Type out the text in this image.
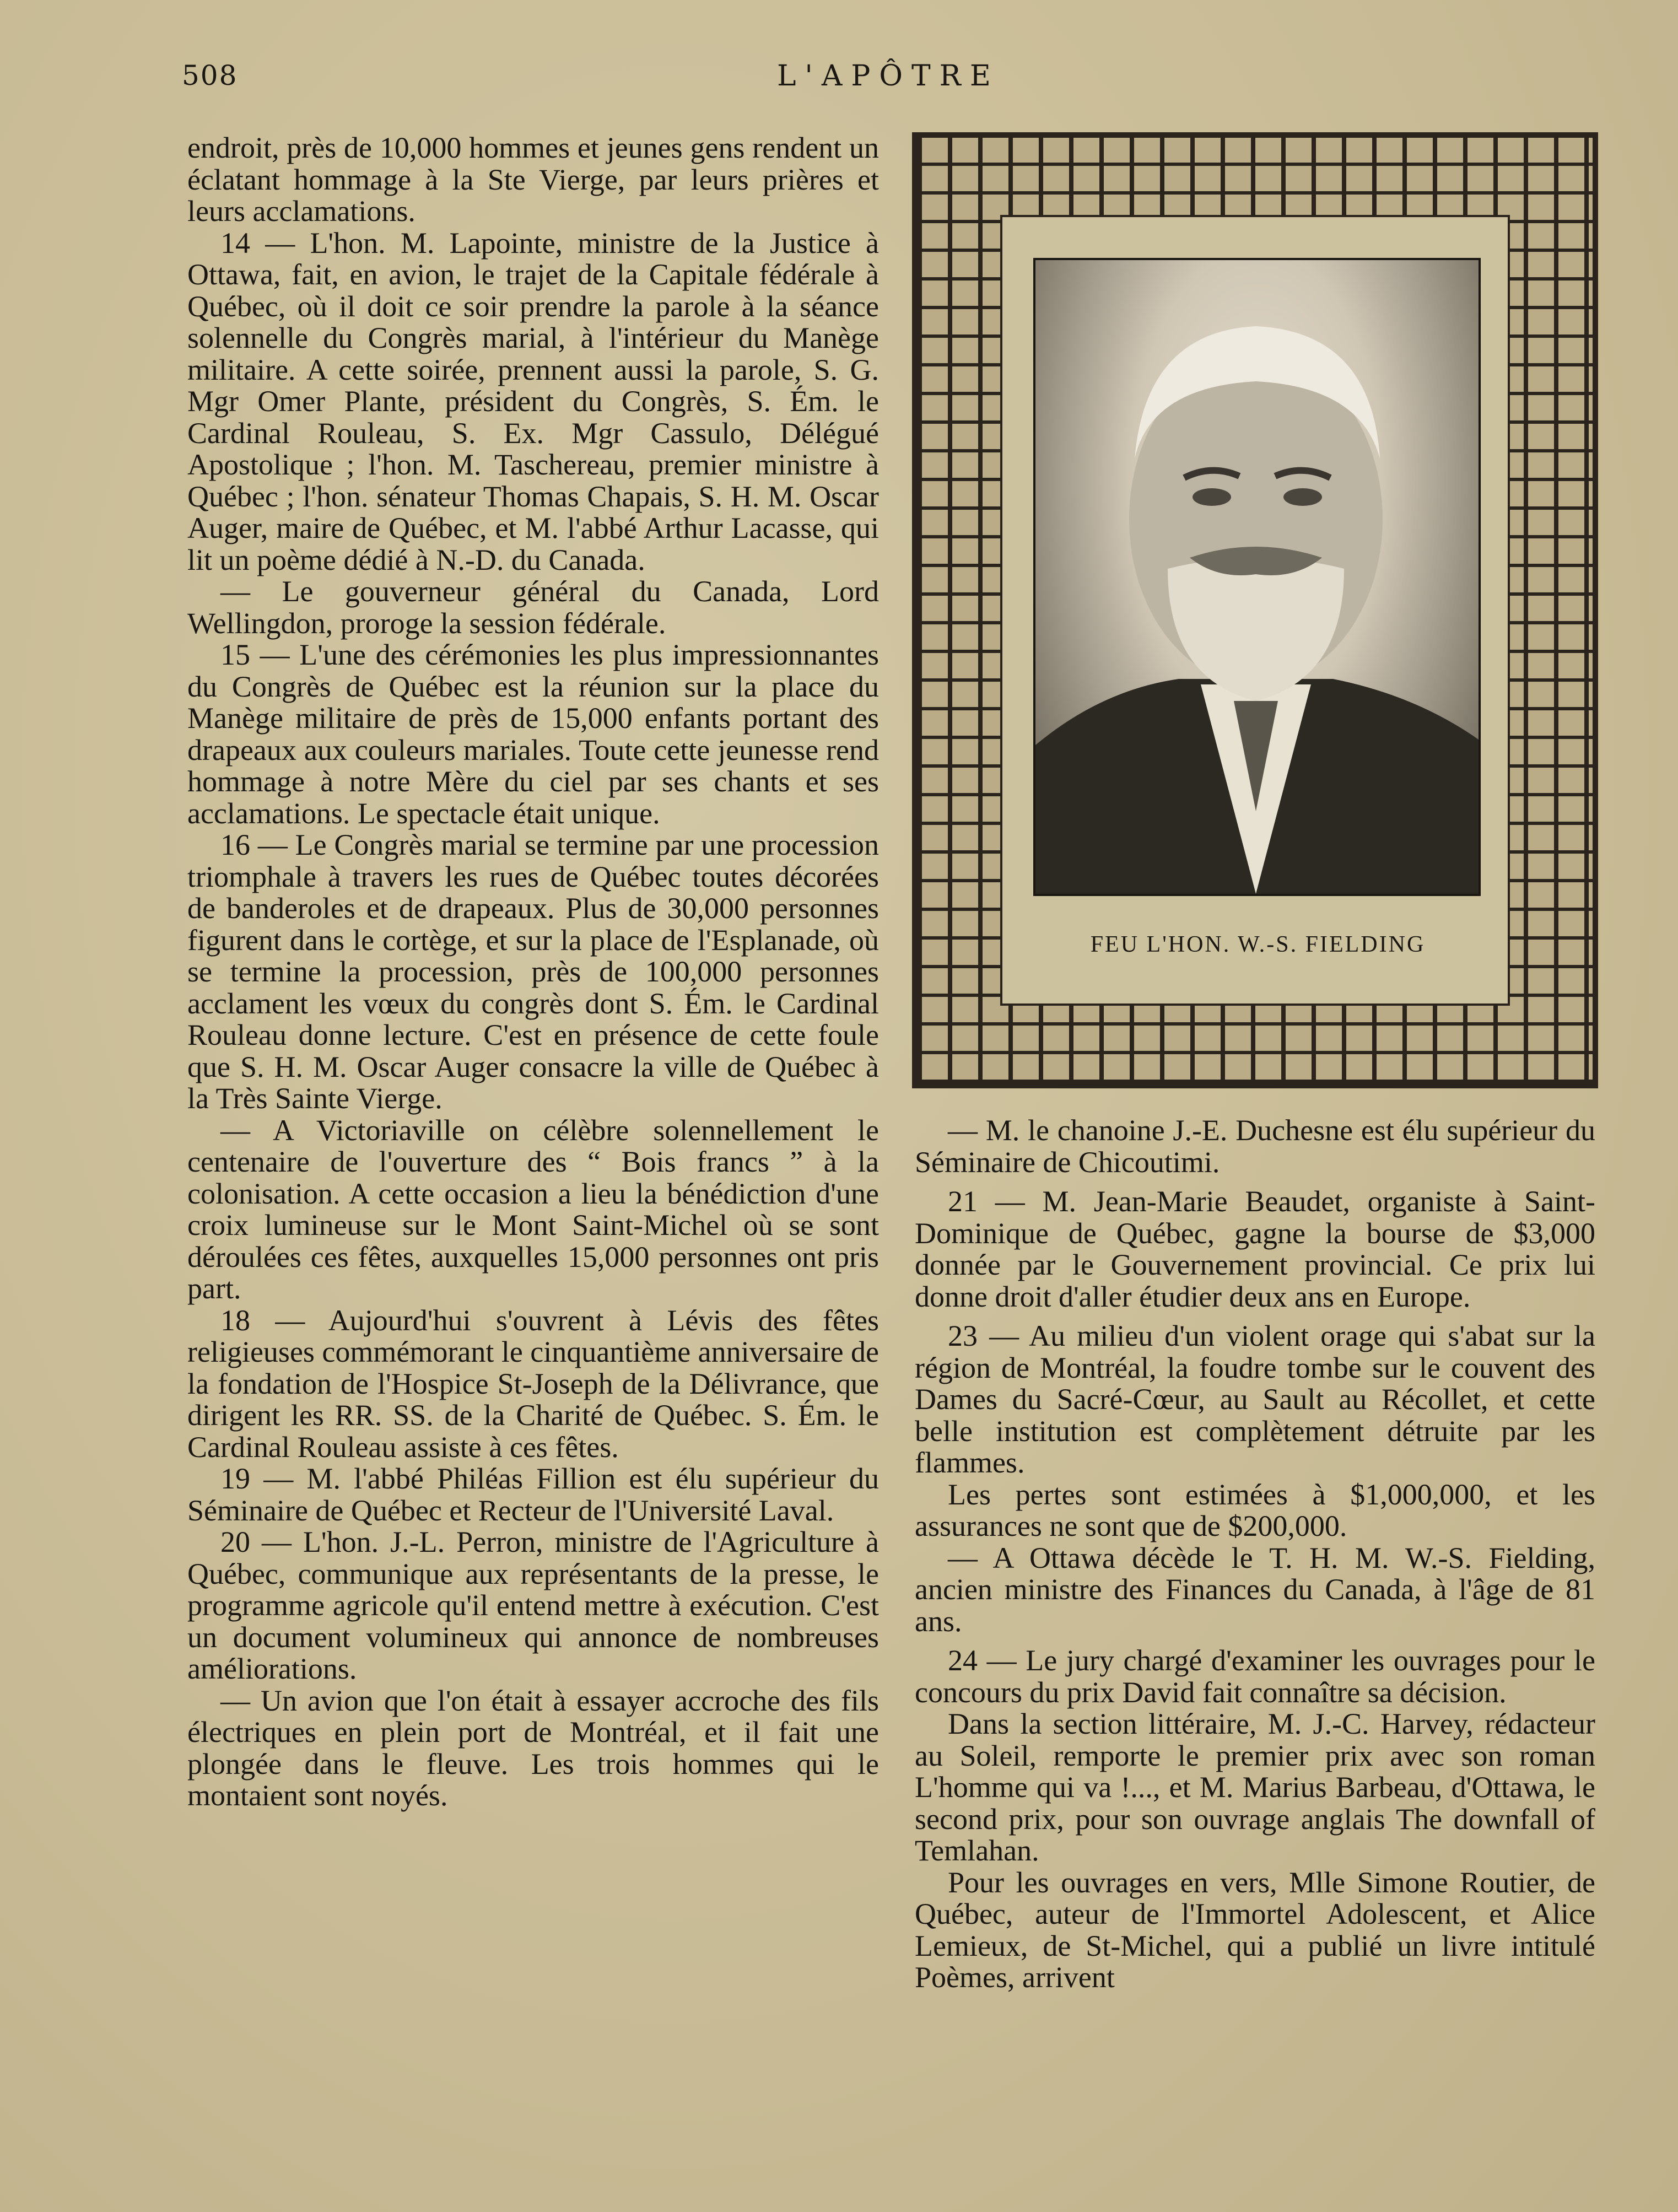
508	L'APÔTRE

endroit, près de 10,000 hommes et jeunes gens rendent un éclatant hommage à la Ste Vierge, par leurs prières et leurs acclamations.

14 — L'hon. M. Lapointe, ministre de la Justice à Ottawa, fait, en avion, le trajet de la Capitale fédérale à Québec, où il doit ce soir prendre la parole à la séance solennelle du Congrès marial, à l'intérieur du Manège militaire. A cette soirée, prennent aussi la parole, S. G. Mgr Omer Plante, président du Congrès, S. Ém. le Cardinal Rouleau, S. Ex. Mgr Cassulo, Délégué Apostolique ; l'hon. M. Taschereau, premier ministre à Québec ; l'hon. sénateur Thomas Chapais, S. H. M. Oscar Auger, maire de Québec, et M. l'abbé Arthur Lacasse, qui lit un poème dédié à N.-D. du Canada.

— Le gouverneur général du Canada, Lord Wellingdon, proroge la session fédérale.

15 — L'une des cérémonies les plus impressionnantes du Congrès de Québec est la réunion sur la place du Manège militaire de près de 15,000 enfants portant des drapeaux aux couleurs mariales. Toute cette jeunesse rend hommage à notre Mère du ciel par ses chants et ses acclamations. Le spectacle était unique.

16 — Le Congrès marial se termine par une procession triomphale à travers les rues de Québec toutes décorées de banderoles et de drapeaux. Plus de 30,000 personnes figurent dans le cortège, et sur la place de l'Esplanade, où se termine la procession, près de 100,000 personnes acclament les vœux du congrès dont S. Ém. le Cardinal Rouleau donne lecture. C'est en présence de cette foule que S. H. M. Oscar Auger consacre la ville de Québec à la Très Sainte Vierge.

— A Victoriaville on célèbre solennellement le centenaire de l'ouverture des “ Bois francs ” à la colonisation. A cette occasion a lieu la bénédiction d'une croix lumineuse sur le Mont Saint-Michel où se sont déroulées ces fêtes, auxquelles 15,000 personnes ont pris part.

18 — Aujourd'hui s'ouvrent à Lévis des fêtes religieuses commémorant le cinquantième anniversaire de la fondation de l'Hospice St-Joseph de la Délivrance, que dirigent les RR. SS. de la Charité de Québec. S. Ém. le Cardinal Rouleau assiste à ces fêtes.

19 — M. l'abbé Philéas Fillion est élu supérieur du Séminaire de Québec et Recteur de l'Université Laval.

20 — L'hon. J.-L. Perron, ministre de l'Agriculture à Québec, communique aux représentants de la presse, le programme agricole qu'il entend mettre à exécution. C'est un document volumineux qui annonce de nombreuses améliorations.

— Un avion que l'on était à essayer accroche des fils électriques en plein port de Montréal, et il fait une plongée dans le fleuve. Les trois hommes qui le montaient sont noyés.

FEU L'HON. W.-S. FIELDING

— M. le chanoine J.-E. Duchesne est élu supérieur du Séminaire de Chicoutimi.

21 — M. Jean-Marie Beaudet, organiste à Saint-Dominique de Québec, gagne la bourse de $3,000 donnée par le Gouvernement provincial. Ce prix lui donne droit d'aller étudier deux ans en Europe.

23 — Au milieu d'un violent orage qui s'abat sur la région de Montréal, la foudre tombe sur le couvent des Dames du Sacré-Cœur, au Sault au Récollet, et cette belle institution est complètement détruite par les flammes.

Les pertes sont estimées à $1,000,000, et les assurances ne sont que de $200,000.

— A Ottawa décède le T. H. M. W.-S. Fielding, ancien ministre des Finances du Canada, à l'âge de 81 ans.

24 — Le jury chargé d'examiner les ouvrages pour le concours du prix David fait connaître sa décision.

Dans la section littéraire, M. J.-C. Harvey, rédacteur au Soleil, remporte le premier prix avec son roman L'homme qui va !..., et M. Marius Barbeau, d'Ottawa, le second prix, pour son ouvrage anglais The downfall of Temlahan.

Pour les ouvrages en vers, Mlle Simone Routier, de Québec, auteur de l'Immortel Adolescent, et Alice Lemieux, de St-Michel, qui a publié un livre intitulé Poèmes, arrivent
